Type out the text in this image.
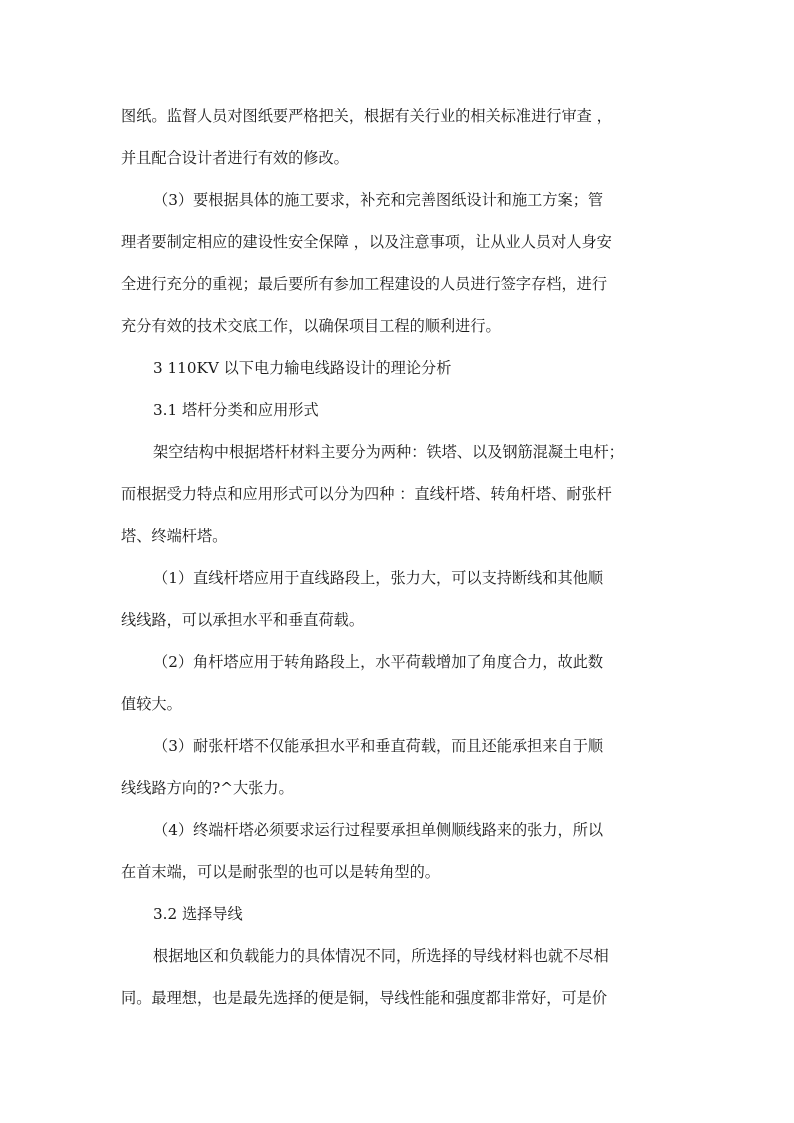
图纸。监督人员对图纸要严格把关，根据有关行业的相关标准进行审查 ，
并且配合设计者进行有效的修改。
（3）要根据具体的施工要求，补充和完善图纸设计和施工方案；管
理者要制定相应的建设性安全保障 ，以及注意事项，让从业人员对人身安
全进行充分的重视；最后要所有参加工程建设的人员进行签字存档，进行
充分有效的技术交底工作，以确保项目工程的顺利进行。
3 110KV 以下电力输电线路设计的理论分析
3.1 塔杆分类和应用形式
架空结构中根据塔杆材料主要分为两种：铁塔、以及钢筋混凝土电杆；
而根据受力特点和应用形式可以分为四种 ：直线杆塔、转角杆塔、耐张杆
塔、终端杆塔。
（1）直线杆塔应用于直线路段上，张力大，可以支持断线和其他顺
线线路，可以承担水平和垂直荷载。
（2）角杆塔应用于转角路段上，水平荷载增加了角度合力，故此数
值较大。
（3）耐张杆塔不仅能承担水平和垂直荷载，而且还能承担来自于顺
线线路方向的?^大张力。
（4）终端杆塔必须要求运行过程要承担单侧顺线路来的张力，所以
在首末端，可以是耐张型的也可以是转角型的。
3.2 选择导线
根据地区和负载能力的具体情况不同，所选择的导线材料也就不尽相
同。最理想，也是最先选择的便是铜，导线性能和强度都非常好，可是价
